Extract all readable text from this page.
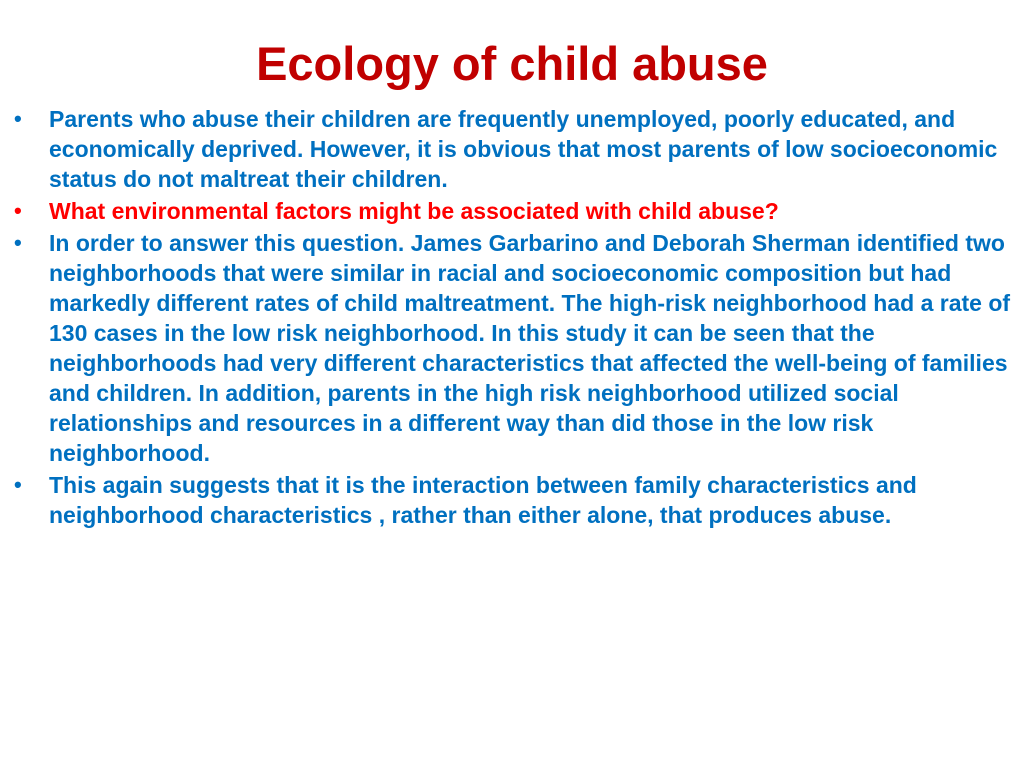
Ecology of child abuse
•	Parents who abuse their children are frequently unemployed, poorly educated, and economically deprived. However, it is obvious that most parents of low socioeconomic status do not maltreat their children.
•	What environmental factors might be associated with child abuse?
•	In order to answer this question. James Garbarino and Deborah Sherman identified two neighborhoods that were similar in racial and socioeconomic composition but had markedly different rates of child maltreatment. The high-risk neighborhood had a rate of 130 cases in the low risk neighborhood. In this study it can be seen that the neighborhoods had very different characteristics that affected the well-being of families and children. In addition, parents in the high risk neighborhood utilized social relationships and resources in a different way than did those in the low risk neighborhood.
•	This again suggests that it is the interaction between family characteristics and neighborhood characteristics , rather than either alone, that produces abuse.
